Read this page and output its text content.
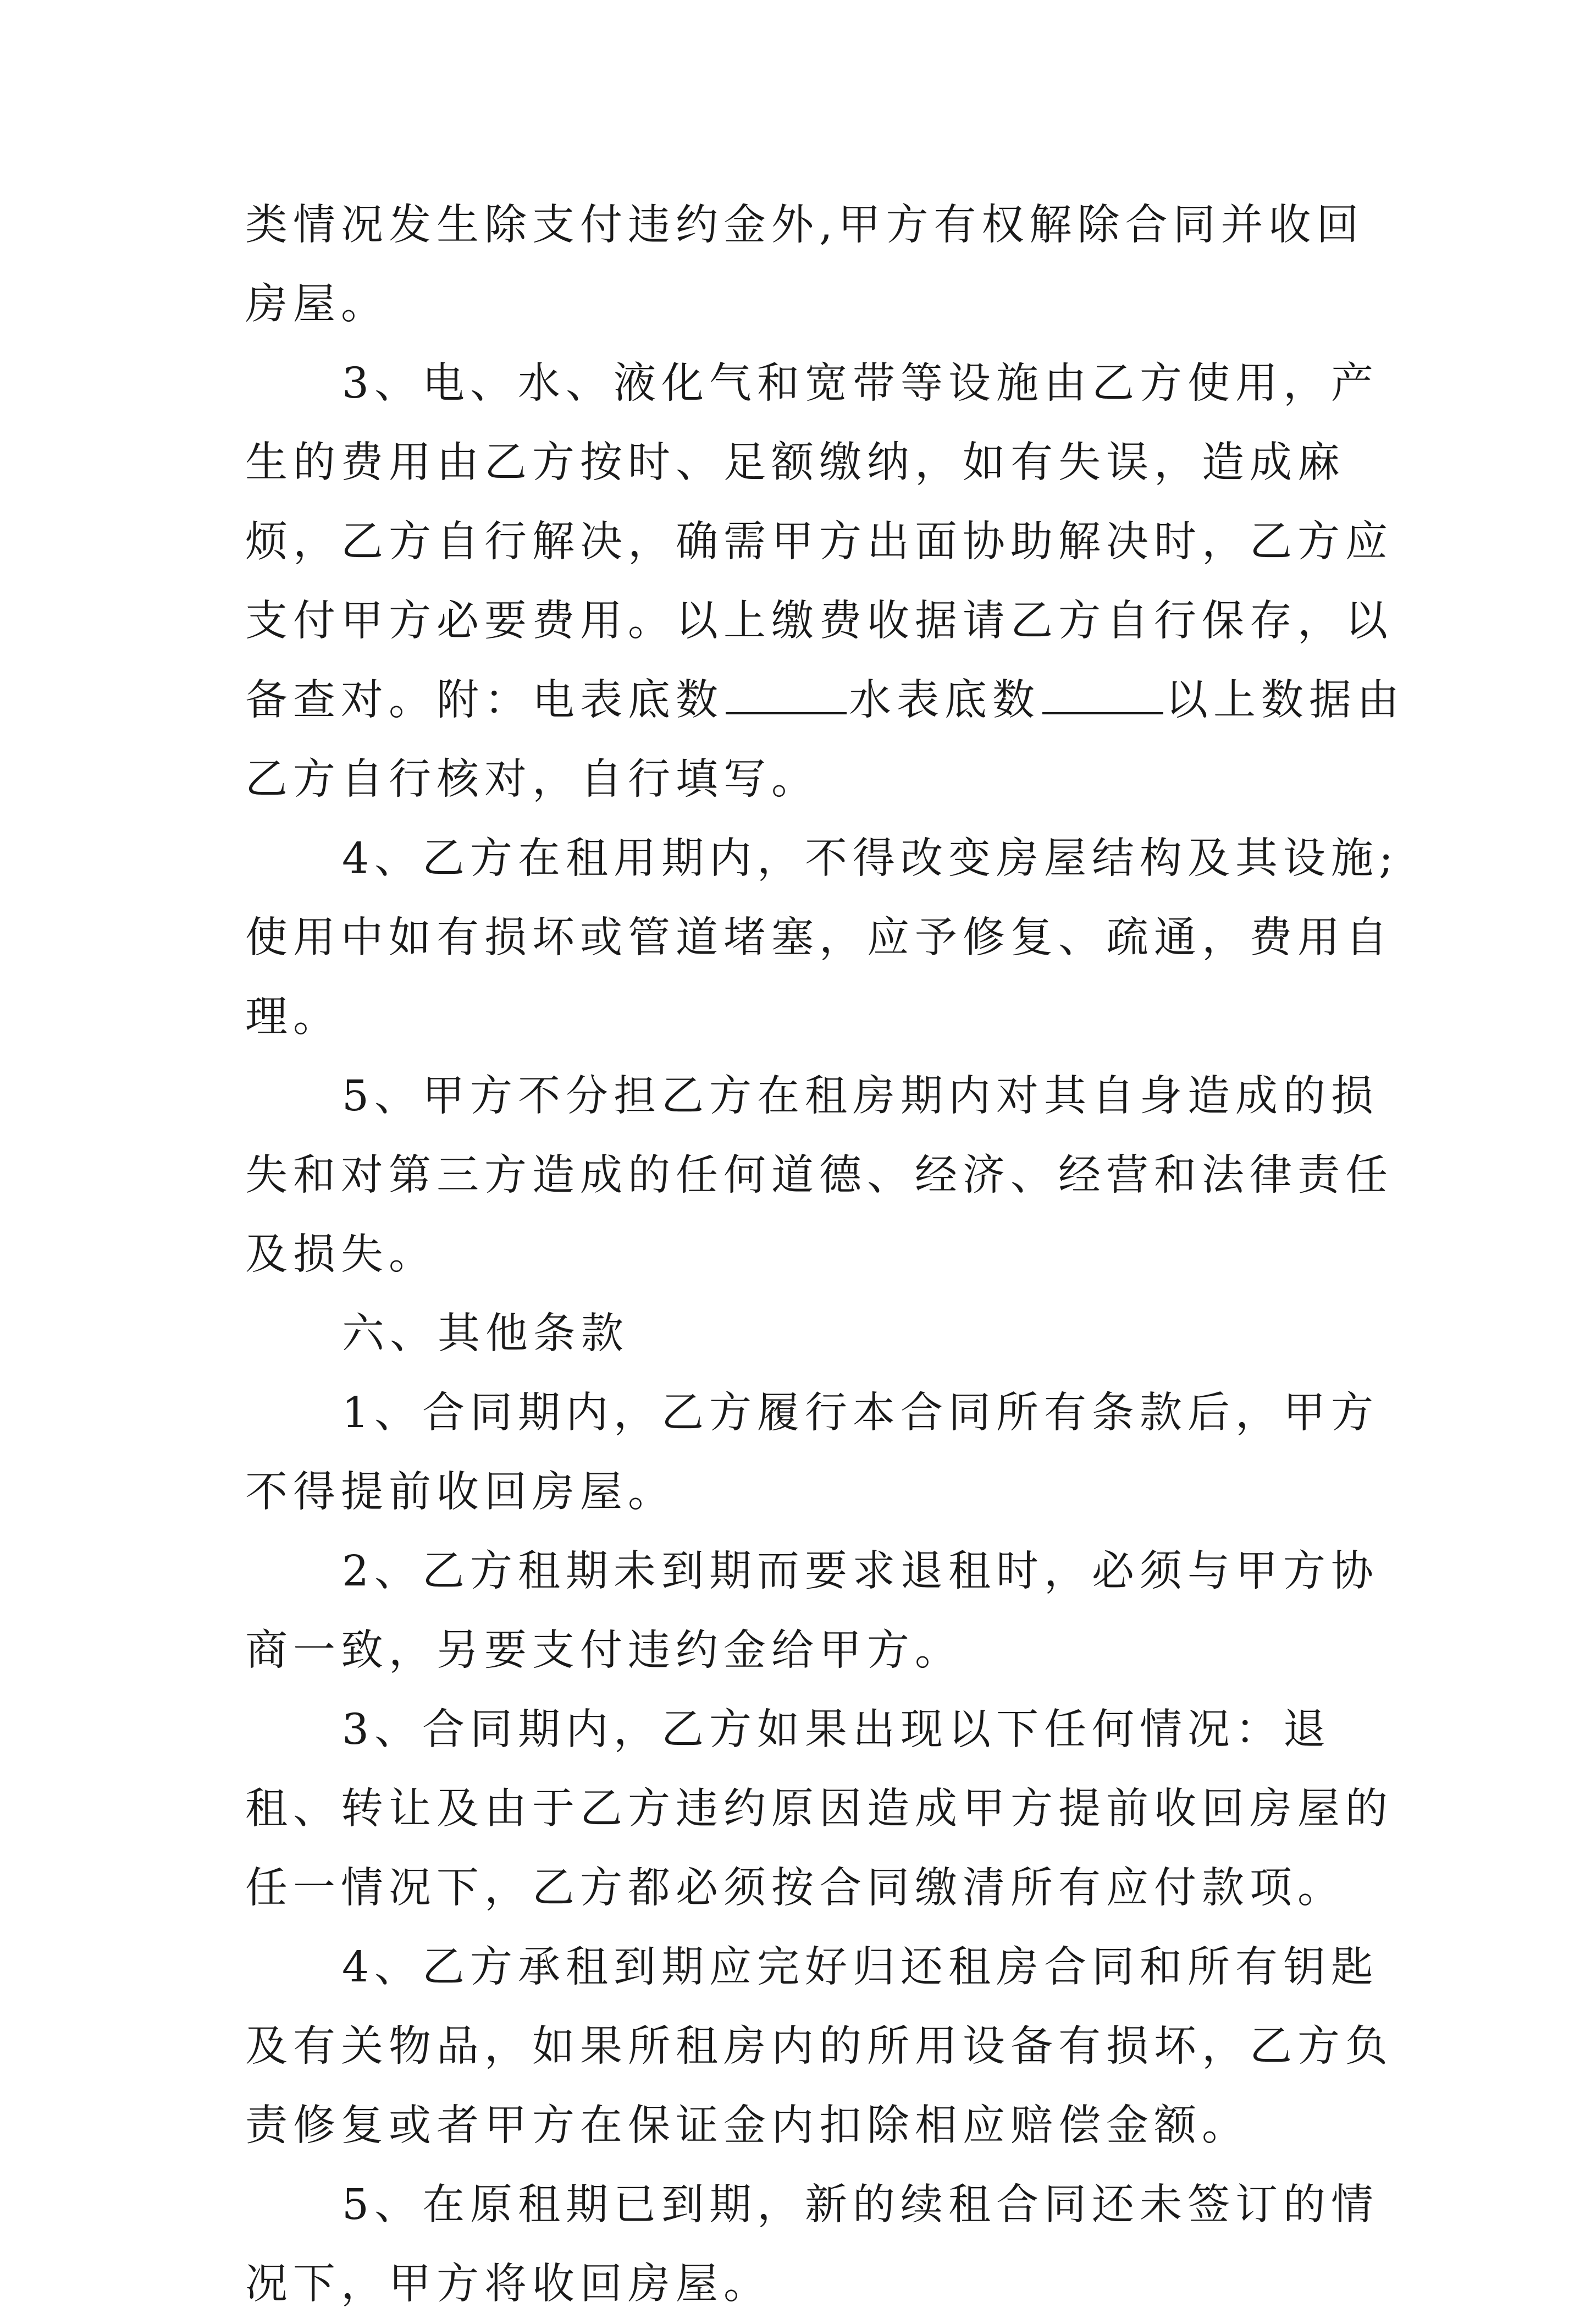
类情况发生除支付违约金外,甲方有权解除合同并收回房屋。

3、电、水、液化气和宽带等设施由乙方使用，产生的费用由乙方按时、足额缴纳，如有失误，造成麻烦，乙方自行解决，确需甲方出面协助解决时，乙方应支付甲方必要费用。以上缴费收据请乙方自行保存，以备查对。附：电表底数	水表底数	以上数据由乙方自行核对，自行填写。

4、乙方在租用期内，不得改变房屋结构及其设施;使用中如有损坏或管道堵塞，应予修复、疏通，费用自理。

5、甲方不分担乙方在租房期内对其自身造成的损失和对第三方造成的任何道德、经济、经营和法律责任及损失。

六、其他条款

1、合同期内，乙方履行本合同所有条款后，甲方不得提前收回房屋。

2、乙方租期未到期而要求退租时，必须与甲方协商一致，另要支付违约金给甲方。

3、合同期内，乙方如果出现以下任何情况：退租、转让及由于乙方违约原因造成甲方提前收回房屋的任一情况下，乙方都必须按合同缴清所有应付款项。

4、乙方承租到期应完好归还租房合同和所有钥匙及有关物品，如果所租房内的所用设备有损坏，乙方负责修复或者甲方在保证金内扣除相应赔偿金额。

5、在原租期已到期，新的续租合同还未签订的情况下，甲方将收回房屋。
